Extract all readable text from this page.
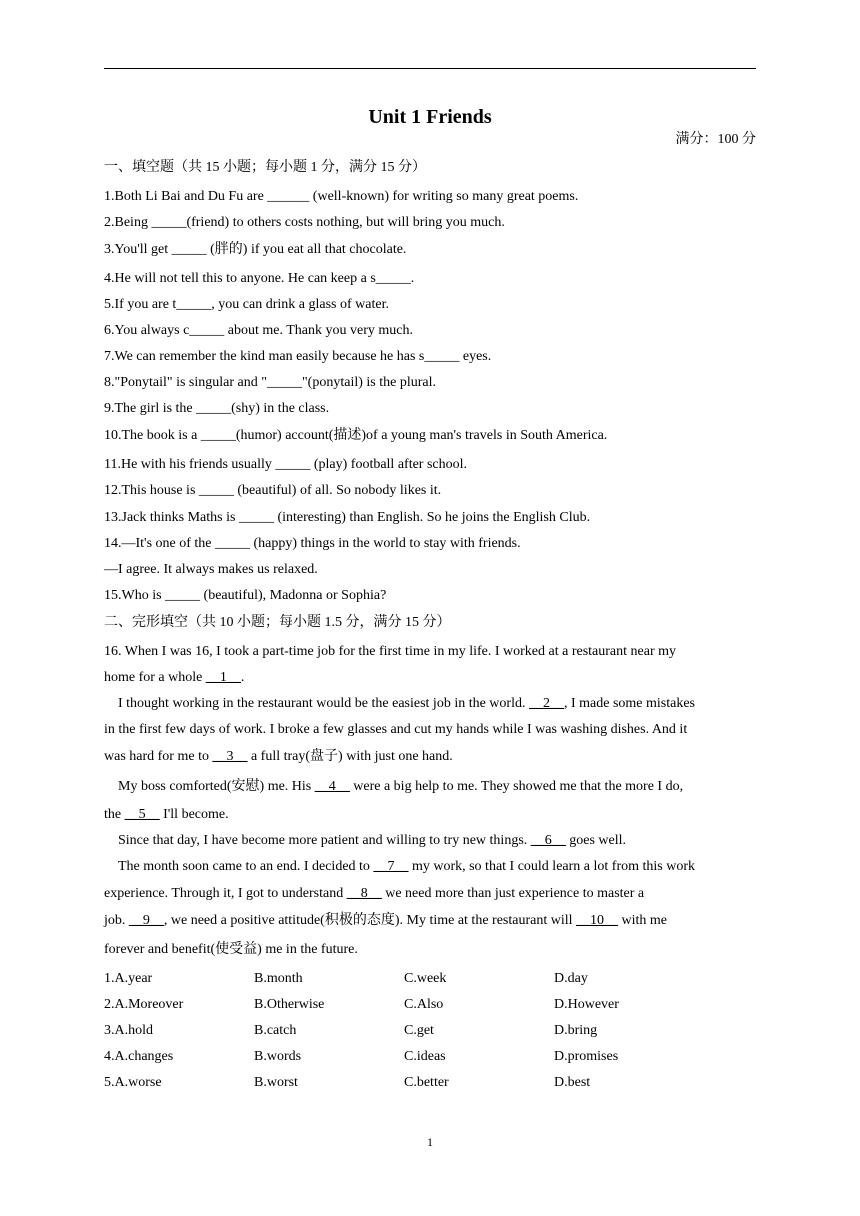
Unit 1 Friends
满分：100 分
一、填空题（共 15 小题；每小题 1 分，满分 15 分）
1.Both Li Bai and Du Fu are ______ (well-known) for writing so many great poems.
2.Being _____(friend) to others costs nothing, but will bring you much.
3.You'll get _____ (胖的) if you eat all that chocolate.
4.He will not tell this to anyone. He can keep a s_____.
5.If you are t_____, you can drink a glass of water.
6.You always c_____ about me. Thank you very much.
7.We can remember the kind man easily because he has s_____ eyes.
8."Ponytail" is singular and "_____"(ponytail) is the plural.
9.The girl is the _____(shy) in the class.
10.The book is a _____(humor) account(描述)of a young man's travels in South America.
11.He with his friends usually _____ (play) football after school.
12.This house is _____ (beautiful) of all. So nobody likes it.
13.Jack thinks Maths is _____ (interesting) than English. So he joins the English Club.
14.—It's one of the _____ (happy) things in the world to stay with friends.
—I agree. It always makes us relaxed.
15.Who is _____ (beautiful), Madonna or Sophia?
二、完形填空（共 10 小题；每小题 1.5 分，满分 15 分）
16. When I was 16, I took a part-time job for the first time in my life. I worked at a restaurant near my
home for a whole __1__.
I thought working in the restaurant would be the easiest job in the world. __2__, I made some mistakes
in the first few days of work. I broke a few glasses and cut my hands while I was washing dishes. And it
was hard for me to __3__ a full tray(盘子) with just one hand.
My boss comforted(安慰) me. His __4__ were a big help to me. They showed me that the more I do,
the __5__ I'll become.
Since that day, I have become more patient and willing to try new things. __6__ goes well.
The month soon came to an end. I decided to __7__ my work, so that I could learn a lot from this work
experience. Through it, I got to understand __8__ we need more than just experience to master a
job. __9__, we need a positive attitude(积极的态度). My time at the restaurant will __10__ with me
forever and benefit(使受益) me in the future.
1.A.year	B.month	C.week	D.day
2.A.Moreover	B.Otherwise	C.Also	D.However
3.A.hold	B.catch	C.get	D.bring
4.A.changes	B.words	C.ideas	D.promises
5.A.worse	B.worst	C.better	D.best
1
